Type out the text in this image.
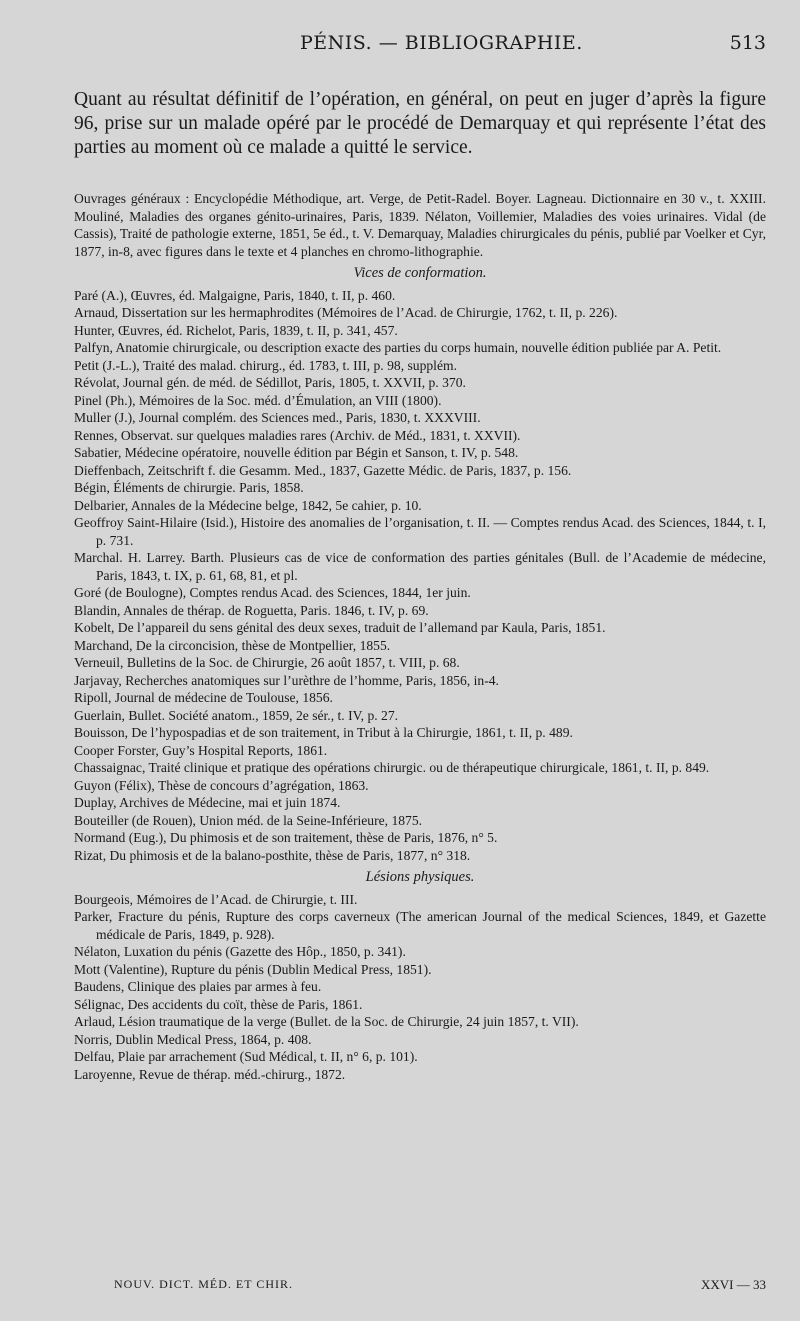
PÉNIS. — BIBLIOGRAPHIE.	513

Quant au résultat définitif de l’opération, en général, on peut en juger d’après la figure 96, prise sur un malade opéré par le procédé de Demarquay et qui représente l’état des parties au moment où ce malade a quitté le service.

Ouvrages généraux : Encyclopédie Méthodique, art. Verge, de Petit-Radel. Boyer. Lagneau. Dictionnaire en 30 v., t. XXIII. Mouliné, Maladies des organes génito-urinaires, Paris, 1839. Nélaton, Voillemier, Maladies des voies urinaires. Vidal (de Cassis), Traité de pathologie externe, 1851, 5e éd., t. V. Demarquay, Maladies chirurgicales du pénis, publié par Voelker et Cyr, 1877, in-8, avec figures dans le texte et 4 planches en chromo-lithographie.

Vices de conformation.

Paré (A.), Œuvres, éd. Malgaigne, Paris, 1840, t. II, p. 460.

Arnaud, Dissertation sur les hermaphrodites (Mémoires de l’Acad. de Chirurgie, 1762, t. II, p. 226).

Hunter, Œuvres, éd. Richelot, Paris, 1839, t. II, p. 341, 457.

Palfyn, Anatomie chirurgicale, ou description exacte des parties du corps humain, nouvelle édition publiée par A. Petit.

Petit (J.-L.), Traité des malad. chirurg., éd. 1783, t. III, p. 98, supplém.

Révolat, Journal gén. de méd. de Sédillot, Paris, 1805, t. XXVII, p. 370.

Pinel (Ph.), Mémoires de la Soc. méd. d’Émulation, an VIII (1800).

Muller (J.), Journal complém. des Sciences med., Paris, 1830, t. XXXVIII.

Rennes, Observat. sur quelques maladies rares (Archiv. de Méd., 1831, t. XXVII).

Sabatier, Médecine opératoire, nouvelle édition par Bégin et Sanson, t. IV, p. 548.

Dieffenbach, Zeitschrift f. die Gesamm. Med., 1837, Gazette Médic. de Paris, 1837, p. 156.

Bégin, Éléments de chirurgie. Paris, 1858.

Delbarier, Annales de la Médecine belge, 1842, 5e cahier, p. 10.

Geoffroy Saint-Hilaire (Isid.), Histoire des anomalies de l’organisation, t. II. — Comptes rendus Acad. des Sciences, 1844, t. I, p. 731.

Marchal. H. Larrey. Barth. Plusieurs cas de vice de conformation des parties génitales (Bull. de l’Academie de médecine, Paris, 1843, t. IX, p. 61, 68, 81, et pl.

Goré (de Boulogne), Comptes rendus Acad. des Sciences, 1844, 1er juin.

Blandin, Annales de thérap. de Roguetta, Paris. 1846, t. IV, p. 69.

Kobelt, De l’appareil du sens génital des deux sexes, traduit de l’allemand par Kaula, Paris, 1851.

Marchand, De la circoncision, thèse de Montpellier, 1855.

Verneuil, Bulletins de la Soc. de Chirurgie, 26 août 1857, t. VIII, p. 68.

Jarjavay, Recherches anatomiques sur l’urèthre de l’homme, Paris, 1856, in-4.

Ripoll, Journal de médecine de Toulouse, 1856.

Guerlain, Bullet. Société anatom., 1859, 2e sér., t. IV, p. 27.

Bouisson, De l’hypospadias et de son traitement, in Tribut à la Chirurgie, 1861, t. II, p. 489.

Cooper Forster, Guy’s Hospital Reports, 1861.

Chassaignac, Traité clinique et pratique des opérations chirurgic. ou de thérapeutique chirurgicale, 1861, t. II, p. 849.

Guyon (Félix), Thèse de concours d’agrégation, 1863.

Duplay, Archives de Médecine, mai et juin 1874.

Bouteiller (de Rouen), Union méd. de la Seine-Inférieure, 1875.

Normand (Eug.), Du phimosis et de son traitement, thèse de Paris, 1876, n° 5.

Rizat, Du phimosis et de la balano-posthite, thèse de Paris, 1877, n° 318.

Lésions physiques.

Bourgeois, Mémoires de l’Acad. de Chirurgie, t. III.

Parker, Fracture du pénis, Rupture des corps caverneux (The american Journal of the medical Sciences, 1849, et Gazette médicale de Paris, 1849, p. 928).

Nélaton, Luxation du pénis (Gazette des Hôp., 1850, p. 341).

Mott (Valentine), Rupture du pénis (Dublin Medical Press, 1851).

Baudens, Clinique des plaies par armes à feu.

Sélignac, Des accidents du coït, thèse de Paris, 1861.

Arlaud, Lésion traumatique de la verge (Bullet. de la Soc. de Chirurgie, 24 juin 1857, t. VII).

Norris, Dublin Medical Press, 1864, p. 408.

Delfau, Plaie par arrachement (Sud Médical, t. II, n° 6, p. 101).

Laroyenne, Revue de thérap. méd.-chirurg., 1872.

NOUV. DICT. MÉD. ET CHIR.	XXVI — 33
